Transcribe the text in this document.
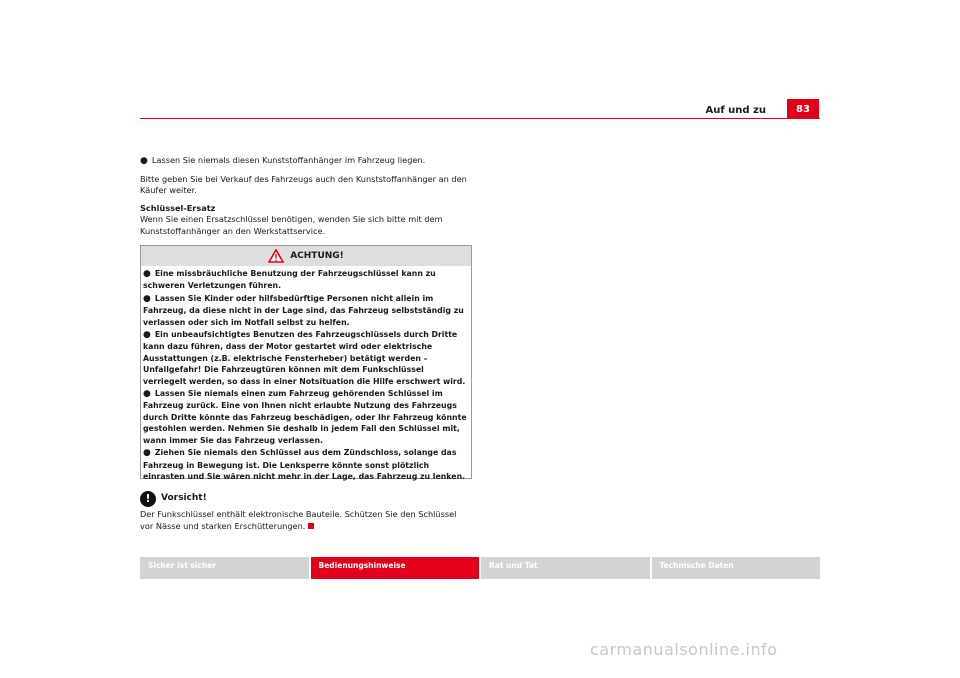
Auf und zu	83

● Lassen Sie niemals diesen Kunststoffanhänger im Fahrzeug liegen.

Bitte geben Sie bei Verkauf des Fahrzeugs auch den Kunststoffanhänger an den Käufer weiter.

Schlüssel-Ersatz

Wenn Sie einen Ersatzschlüssel benötigen, wenden Sie sich bitte mit dem Kunststoffanhänger an den Werkstattservice.

ACHTUNG!

● Eine missbräuchliche Benutzung der Fahrzeugschlüssel kann zu schweren Verletzungen führen.

● Lassen Sie Kinder oder hilfsbedürftige Personen nicht allein im Fahrzeug, da diese nicht in der Lage sind, das Fahrzeug selbstständig zu verlassen oder sich im Notfall selbst zu helfen.

● Ein unbeaufsichtigtes Benutzen des Fahrzeugschlüssels durch Dritte kann dazu führen, dass der Motor gestartet wird oder elektrische Ausstattungen (z.B. elektrische Fensterheber) betätigt werden – Unfallgefahr! Die Fahrzeugtüren können mit dem Funkschlüssel verriegelt werden, so dass in einer Notsituation die Hilfe erschwert wird.

● Lassen Sie niemals einen zum Fahrzeug gehörenden Schlüssel im Fahrzeug zurück. Eine von Ihnen nicht erlaubte Nutzung des Fahrzeugs durch Dritte könnte das Fahrzeug beschädigen, oder Ihr Fahrzeug könnte gestohlen werden. Nehmen Sie deshalb in jedem Fall den Schlüssel mit, wann immer Sie das Fahrzeug verlassen.

● Ziehen Sie niemals den Schlüssel aus dem Zündschloss, solange das Fahrzeug in Bewegung ist. Die Lenksperre könnte sonst plötzlich einrasten und Sie wären nicht mehr in der Lage, das Fahrzeug zu lenken.

!	Vorsicht!
Der Funkschlüssel enthält elektronische Bauteile. Schützen Sie den Schlüssel vor Nässe und starken Erschütterungen.
Sicher ist sicher	Bedienungshinweise	Rat und Tat	Technische Daten
carmanualsonline.info
